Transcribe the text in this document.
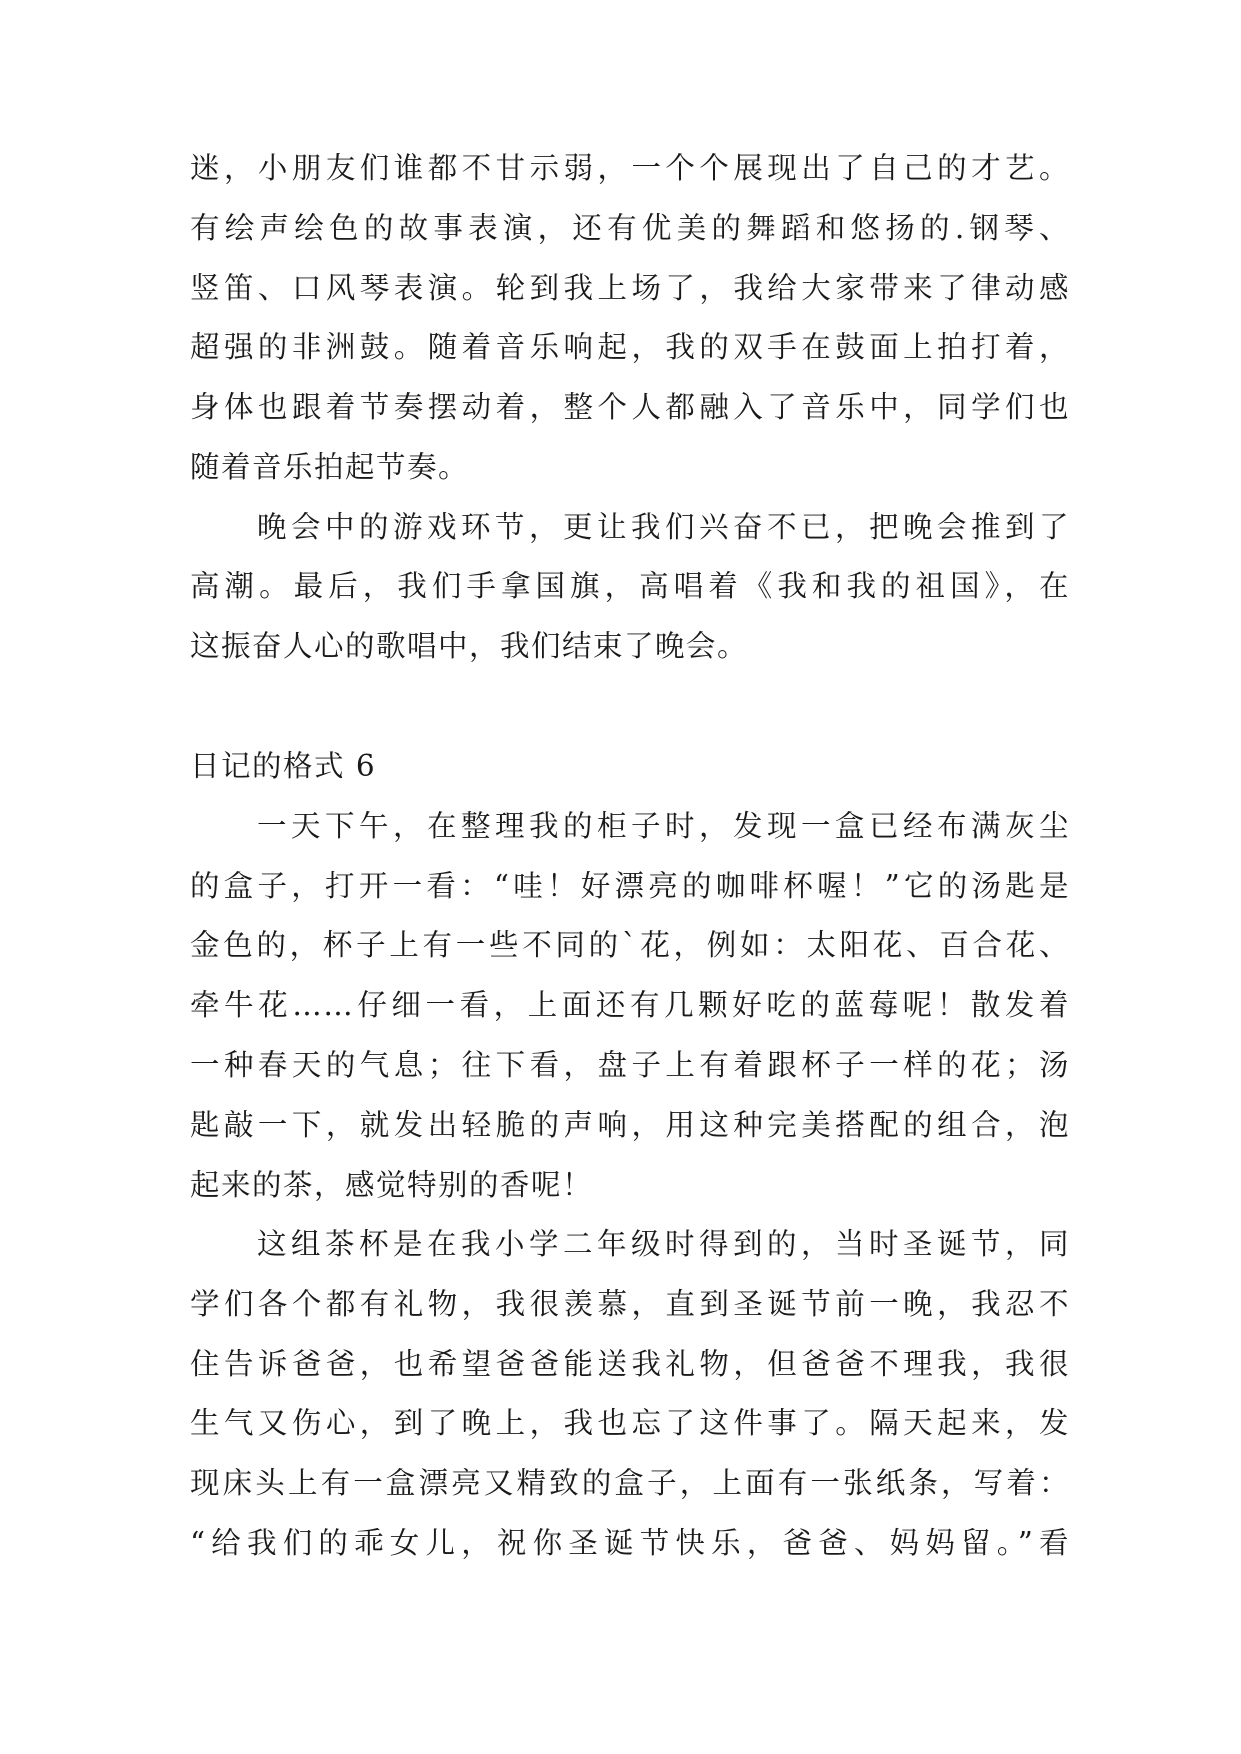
迷，小朋友们谁都不甘示弱，一个个展现出了自己的才艺。
有绘声绘色的故事表演，还有优美的舞蹈和悠扬的.钢琴、
竖笛、口风琴表演。轮到我上场了，我给大家带来了律动感
超强的非洲鼓。随着音乐响起，我的双手在鼓面上拍打着，
身体也跟着节奏摆动着，整个人都融入了音乐中，同学们也
随着音乐拍起节奏。
晚会中的游戏环节，更让我们兴奋不已，把晚会推到了
高潮。最后，我们手拿国旗，高唱着《我和我的祖国》，在
这振奋人心的歌唱中，我们结束了晚会。
日记的格式 6
一天下午，在整理我的柜子时，发现一盒已经布满灰尘
的盒子，打开一看：“哇！好漂亮的咖啡杯喔！”它的汤匙是
金色的，杯子上有一些不同的`花，例如：太阳花、百合花、
牵牛花……仔细一看，上面还有几颗好吃的蓝莓呢！散发着
一种春天的气息；往下看，盘子上有着跟杯子一样的花；汤
匙敲一下，就发出轻脆的声响，用这种完美搭配的组合，泡
起来的茶，感觉特别的香呢！
这组茶杯是在我小学二年级时得到的，当时圣诞节，同
学们各个都有礼物，我很羡慕，直到圣诞节前一晚，我忍不
住告诉爸爸，也希望爸爸能送我礼物，但爸爸不理我，我很
生气又伤心，到了晚上，我也忘了这件事了。隔天起来，发
现床头上有一盒漂亮又精致的盒子，上面有一张纸条，写着：
“给我们的乖女儿，祝你圣诞节快乐，爸爸、妈妈留。”看
